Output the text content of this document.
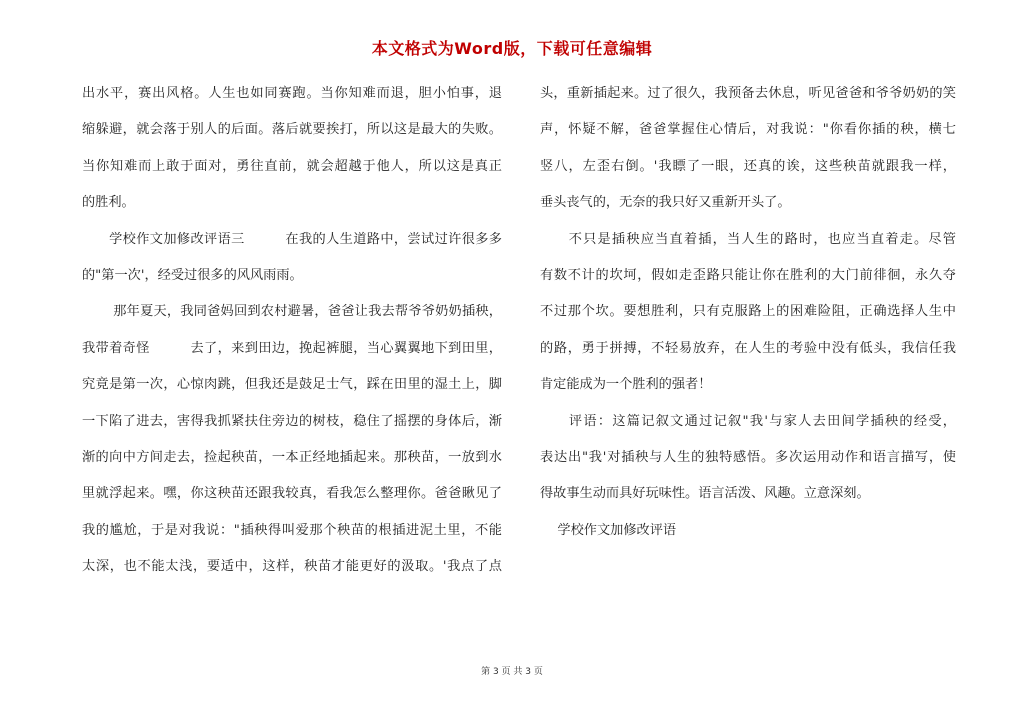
本文格式为Word版，下载可任意编辑
出水平，赛出风格。人生也如同赛跑。当你知难而退，胆小怕事，退
缩躲避，就会落于别人的后面。落后就要挨打，所以这是最大的失败。
当你知难而上敢于面对，勇往直前，就会超越于他人，所以这是真正
的胜利。
　　学校作文加修改评语三　　　在我的人生道路中，尝试过许很多多
的"第一次'，经受过很多的风风雨雨。
　　 那年夏天，我同爸妈回到农村避暑，爸爸让我去帮爷爷奶奶插秧，
我带着奇怪　　　去了，来到田边，挽起裤腿，当心翼翼地下到田里，
究竟是第一次，心惊肉跳，但我还是鼓足士气，踩在田里的湿土上，脚
一下陷了进去，害得我抓紧扶住旁边的树枝，稳住了摇摆的身体后，渐
渐的向中方间走去，捡起秧苗，一本正经地插起来。那秧苗，一放到水
里就浮起来。嘿，你这秧苗还跟我较真，看我怎么整理你。爸爸瞅见了
我的尴尬，于是对我说："插秧得叫爱那个秧苗的根插进泥土里，不能
太深，也不能太浅，要适中，这样，秧苗才能更好的汲取。'我点了点
头，重新插起来。过了很久，我预备去休息，听见爸爸和爷爷奶奶的笑
声，怀疑不解，爸爸掌握住心情后，对我说："你看你插的秧，横七
竖八，左歪右倒。'我瞟了一眼，还真的诶，这些秧苗就跟我一样，
垂头丧气的，无奈的我只好又重新开头了。
　　不只是插秧应当直着插，当人生的路时，也应当直着走。尽管
有数不计的坎坷，假如走歪路只能让你在胜利的大门前徘徊，永久夺
不过那个坎。要想胜利，只有克服路上的困难险阻，正确选择人生中
的路，勇于拼搏，不轻易放弃，在人生的考验中没有低头，我信任我
肯定能成为一个胜利的强者！
　　评语：这篇记叙文通过记叙"我'与家人去田间学插秧的经受，
表达出"我'对插秧与人生的独特感悟。多次运用动作和语言描写，使
得故事生动而具好玩味性。语言活泼、风趣。立意深刻。
　 学校作文加修改评语
第 3 页 共 3 页
